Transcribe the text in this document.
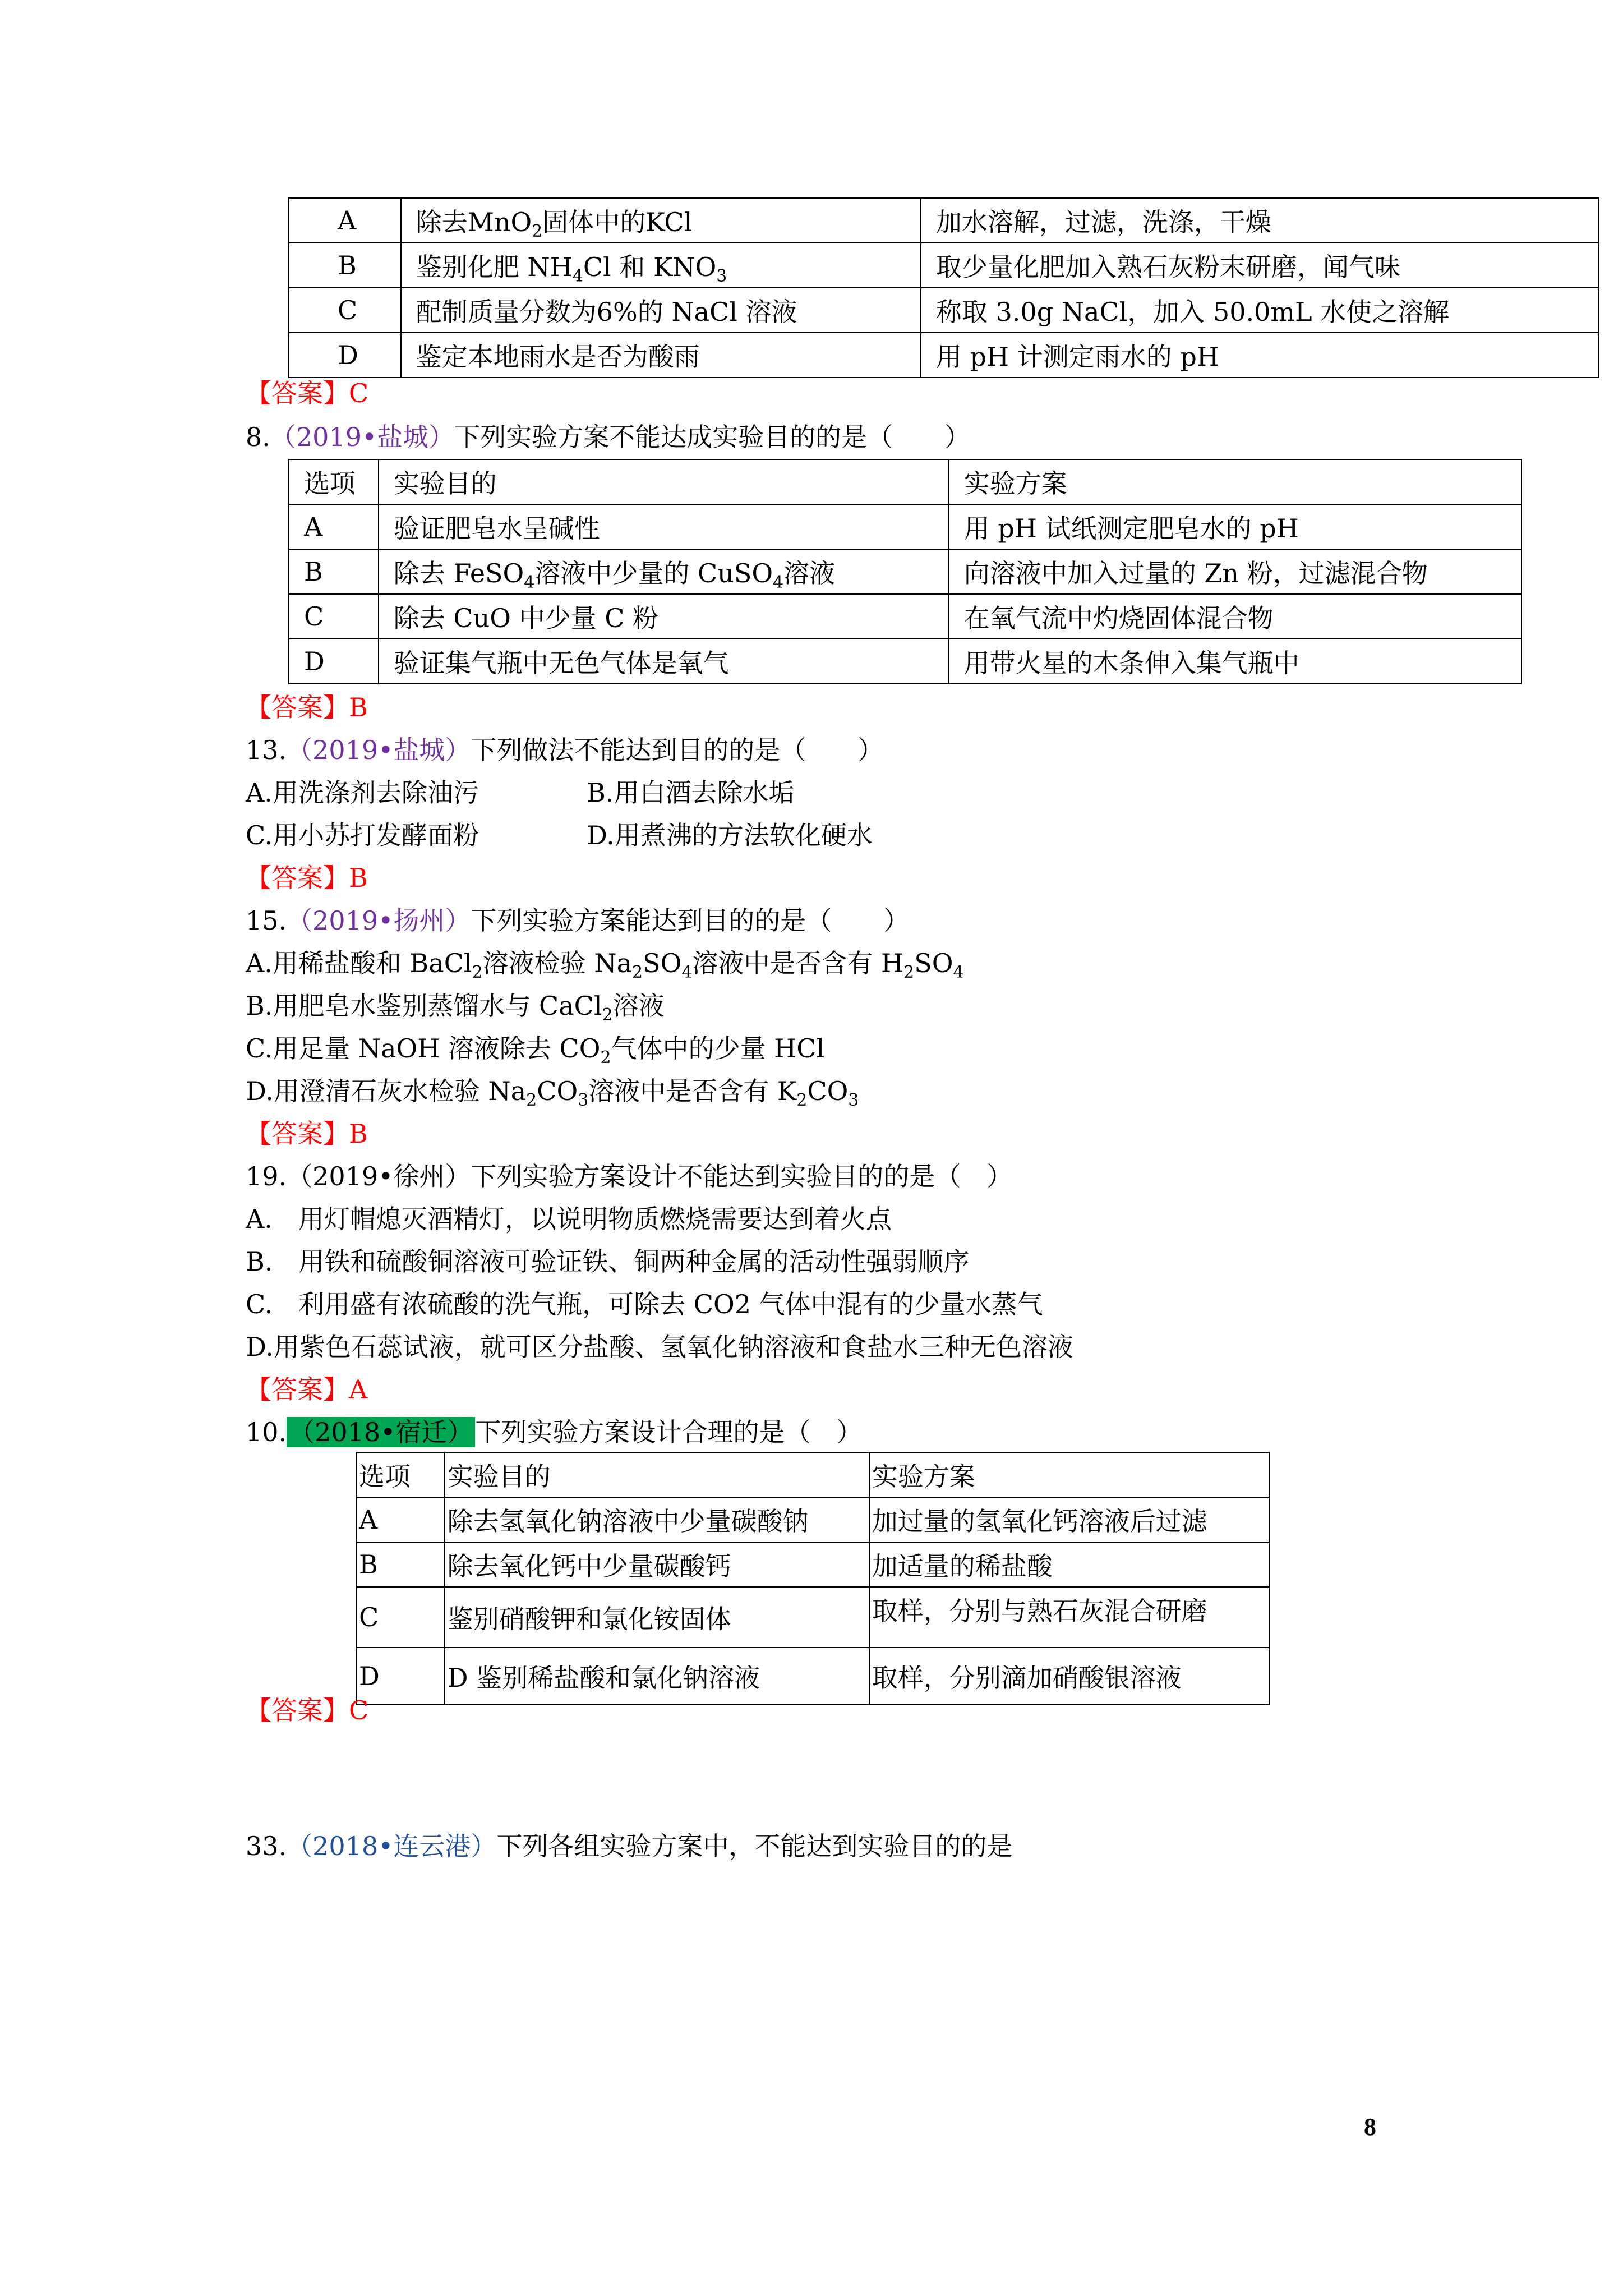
A	除去MnO$_2$固体中的KCl	加水溶解，过滤，洗涤，干燥
B	鉴别化肥 $NH_4Cl$ 和 $KNO_3$	取少量化肥加入熟石灰粉末研磨，闻气味
C	配制质量分数为6%的 NaCl 溶液	称取 3.0g NaCl，加入 50.0mL 水使之溶解
D	鉴定本地雨水是否为酸雨	用 pH 计测定雨水的 pH
【答案】C
8.（2019•盐城）下列实验方案不能达成实验目的的是（　　）
选项	实验目的	实验方案
A	验证肥皂水呈碱性	用 pH 试纸测定肥皂水的 pH
B	除去 FeSO$_4$溶液中少量的 CuSO$_4$溶液	向溶液中加入过量的 Zn 粉，过滤混合物
C	除去 CuO 中少量 C 粉	在氧气流中灼烧固体混合物
D	验证集气瓶中无色气体是氧气	用带火星的木条伸入集气瓶中
【答案】B
13.（2019•盐城）下列做法不能达到目的的是（　　）
A.用洗涤剂去除油污	B.用白酒去除水垢
C.用小苏打发酵面粉	D.用煮沸的方法软化硬水
【答案】B
15.（2019•扬州）下列实验方案能达到目的的是（　　）
A.用稀盐酸和 BaCl$_2$溶液检验 $Na_2SO_4$溶液中是否含有 $H_2SO_4$
B.用肥皂水鉴别蒸馏水与 CaCl$_2$溶液
C.用足量 NaOH 溶液除去 $CO_2$气体中的少量 HCl
D.用澄清石灰水检验 $Na_2CO_3$溶液中是否含有 $K_2CO_3$
【答案】B
19.（2019•徐州）下列实验方案设计不能达到实验目的的是（　）
A.　用灯帽熄灭酒精灯，以说明物质燃烧需要达到着火点
B.　用铁和硫酸铜溶液可验证铁、铜两种金属的活动性强弱顺序
C.　利用盛有浓硫酸的洗气瓶，可除去 CO2 气体中混有的少量水蒸气
D.用紫色石蕊试液，就可区分盐酸、氢氧化钠溶液和食盐水三种无色溶液
【答案】A
10.（2018•宿迁）下列实验方案设计合理的是（　）
选项	实验目的	实验方案
A	除去氢氧化钠溶液中少量碳酸钠	加过量的氢氧化钙溶液后过滤
B	除去氧化钙中少量碳酸钙	加适量的稀盐酸
C	鉴别硝酸钾和氯化铵固体	取样，分别与熟石灰混合研磨
D	D 鉴别稀盐酸和氯化钠溶液	取样，分别滴加硝酸银溶液
【答案】C
33.（2018•连云港）下列各组实验方案中，不能达到实验目的的是
8
